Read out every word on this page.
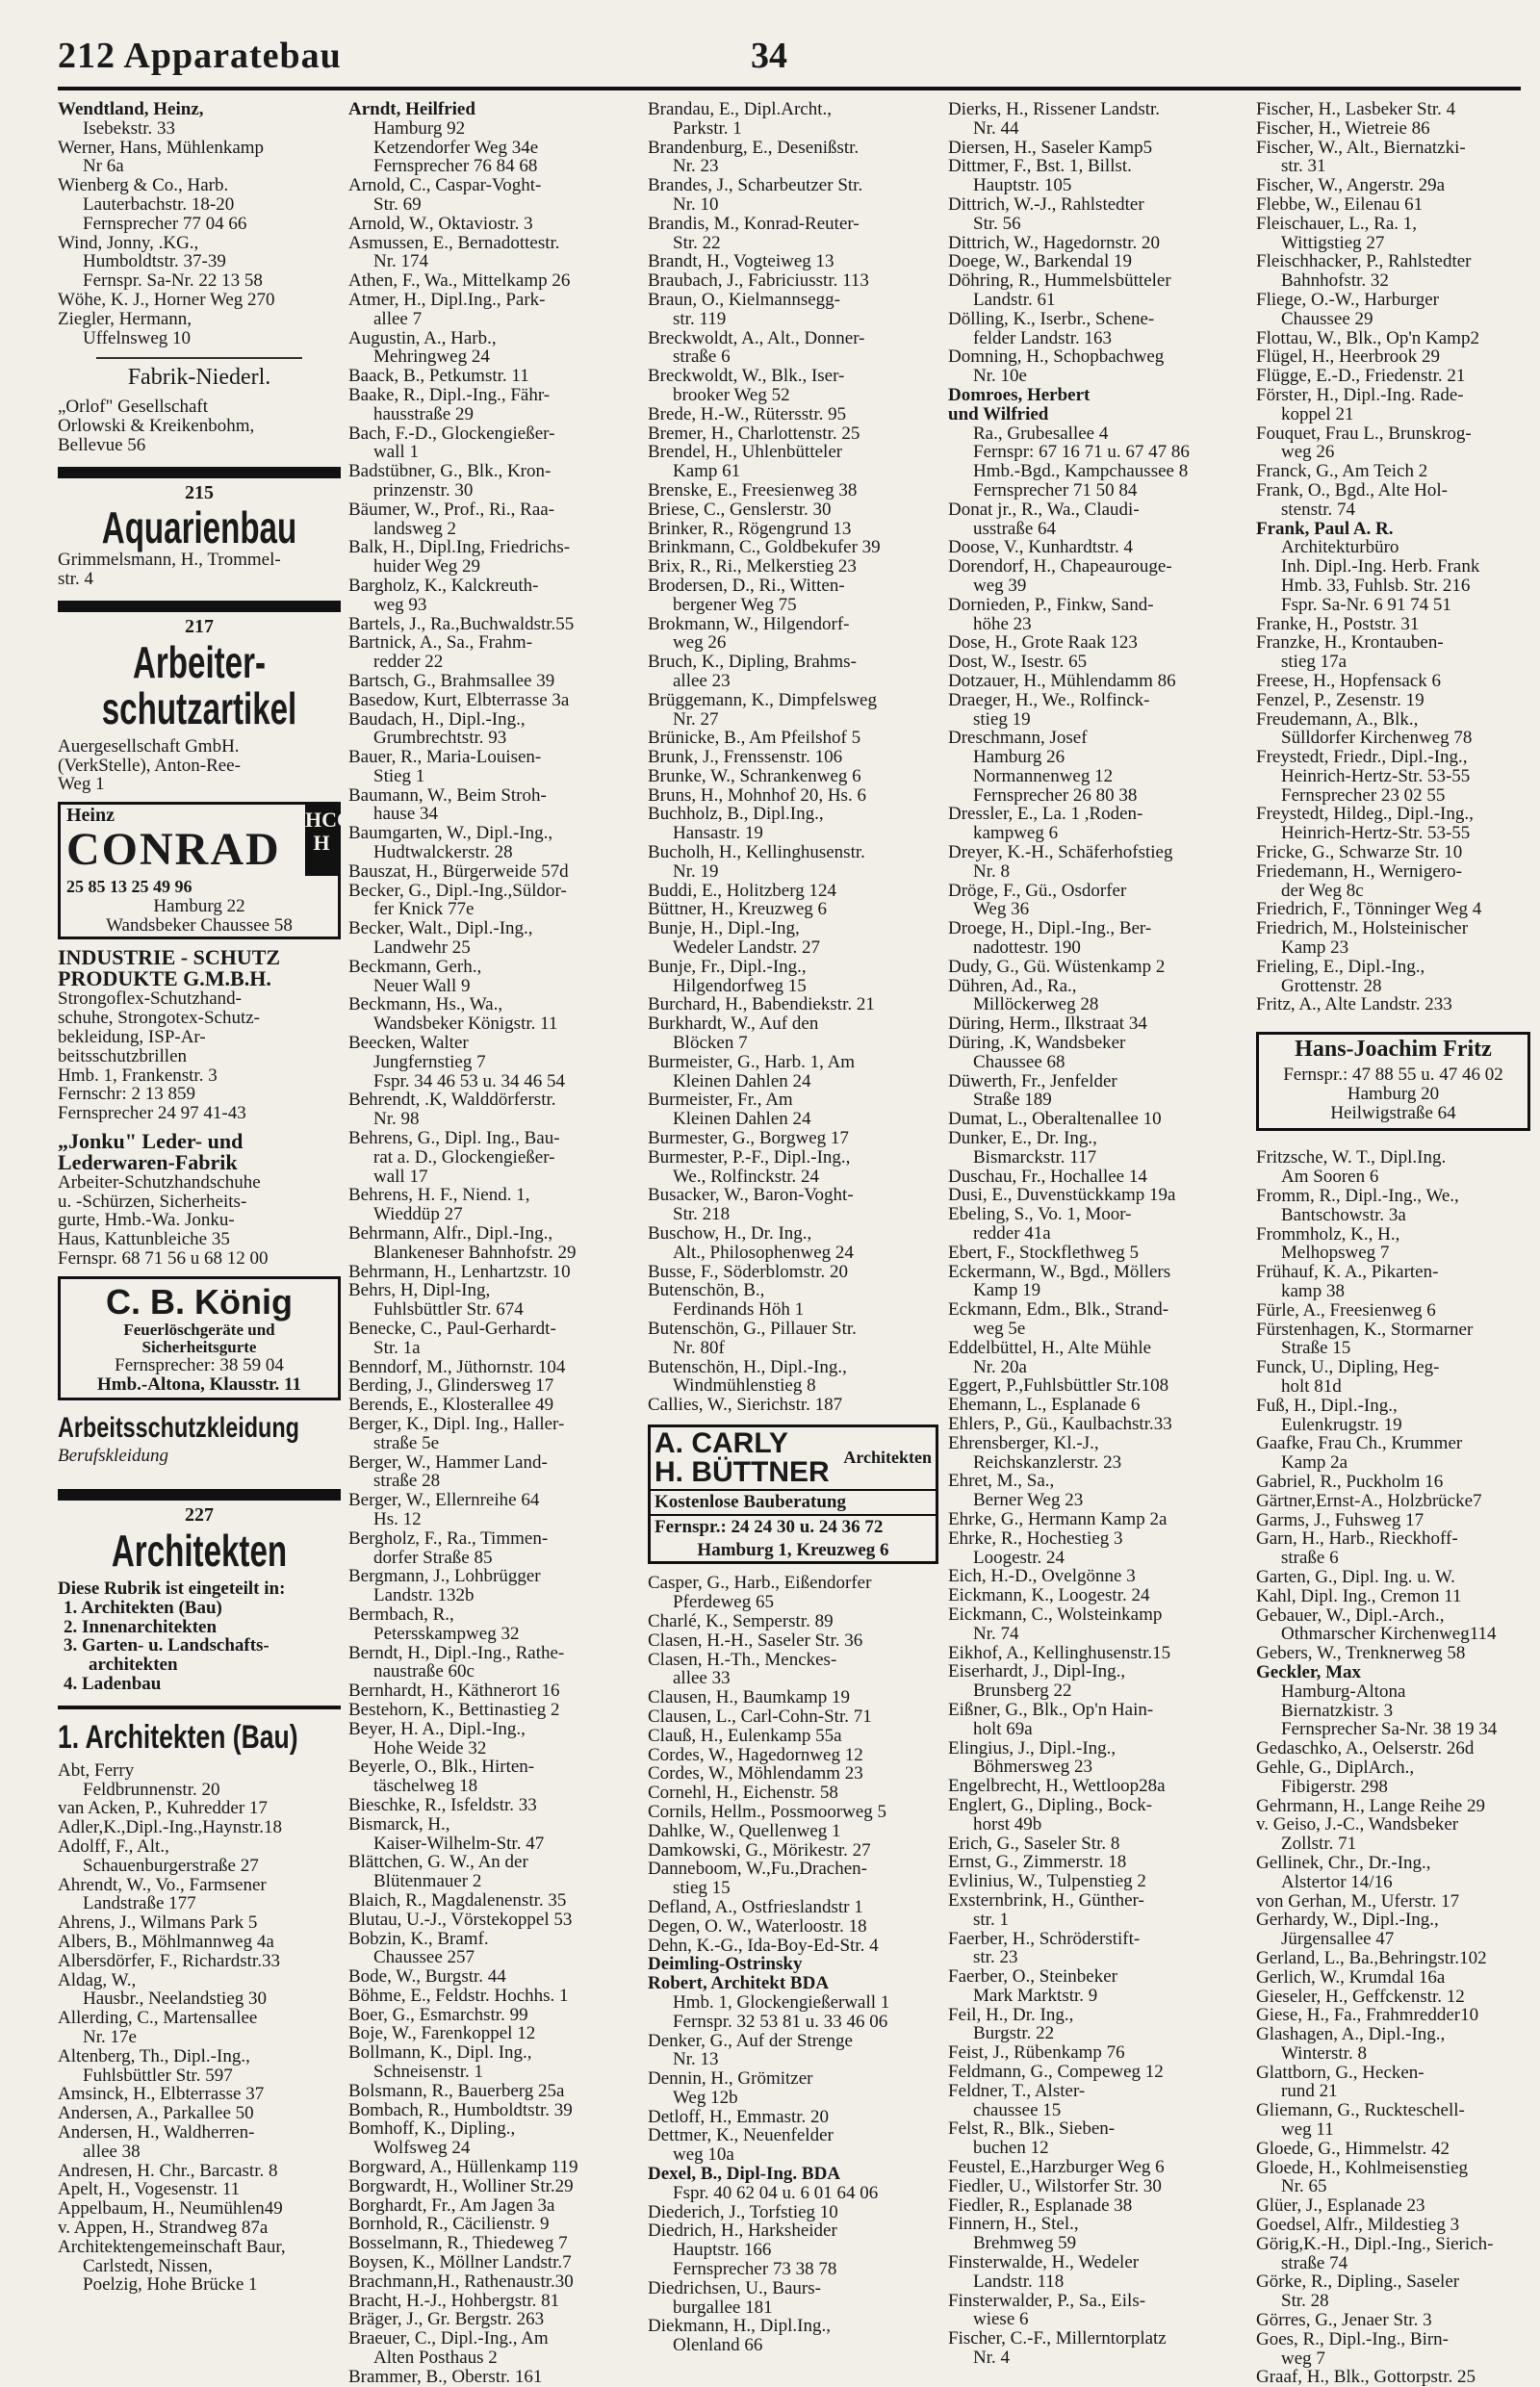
212 Apparatebau	34
Wendtland, Heinz,
Isebekstr. 33
Werner, Hans, Mühlenkamp
Nr 6a
Wienberg & Co., Harb.
Lauterbachstr. 18-20
Fernsprecher 77 04 66
Wind, Jonny, .KG.,
Humboldtstr. 37-39
Fernspr. Sa-Nr. 22 13 58
Wöhe, K. J., Horner Weg 270
Ziegler, Hermann,
Uffelnsweg 10
Fabrik-Niederl.
„Orlof" Gesellschaft
Orlowski & Kreikenbohm,
Bellevue 56
215
Aquarienbau
Grimmelsmann, H., Trommel-
str. 4
217
Arbeiter-
schutzartikel
Auergesellschaft GmbH.
(VerkStelle), Anton-Ree-
Weg 1
Heinz
CONRAD
HCO H
25 85 13 25 49 96
Hamburg 22
Wandsbeker Chaussee 58
INDUSTRIE - SCHUTZ
PRODUKTE G.M.B.H.
Strongoflex-Schutzhand-
schuhe, Strongotex-Schutz-
bekleidung, ISP-Ar-
beitsschutzbrillen
Hmb. 1, Frankenstr. 3
Fernschr: 2 13 859
Fernsprecher 24 97 41-43
„Jonku" Leder- und
Lederwaren-Fabrik
Arbeiter-Schutzhandschuhe
u. -Schürzen, Sicherheits-
gurte, Hmb.-Wa. Jonku-
Haus, Kattunbleiche 35
Fernspr. 68 71 56 u 68 12 00
C. B. König
Feuerlöschgeräte und
Sicherheitsgurte
Fernsprecher: 38 59 04
Hmb.-Altona, Klausstr. 11
Arbeitsschutzkleidung
Berufskleidung
227
Architekten
Diese Rubrik ist eingeteilt in:
1. Architekten (Bau)
2. Innenarchitekten
3. Garten- u. Landschafts-
architekten
4. Ladenbau
1. Architekten (Bau)
Abt, Ferry
Feldbrunnenstr. 20
van Acken, P., Kuhredder 17
Adler,K.,Dipl.-Ing.,Haynstr.18
Adolff, F., Alt.,
Schauenburgerstraße 27
Ahrendt, W., Vo., Farmsener
Landstraße 177
Ahrens, J., Wilmans Park 5
Albers, B., Möhlmannweg 4a
Albersdörfer, F., Richardstr.33
Aldag, W.,
Hausbr., Neelandstieg 30
Allerding, C., Martensallee
Nr. 17e
Altenberg, Th., Dipl.-Ing.,
Fuhlsbüttler Str. 597
Amsinck, H., Elbterrasse 37
Andersen, A., Parkallee 50
Andersen, H., Waldherren-
allee 38
Andresen, H. Chr., Barcastr. 8
Apelt, H., Vogesenstr. 11
Appelbaum, H., Neumühlen49
v. Appen, H., Strandweg 87a
Architektengemeinschaft Baur,
Carlstedt, Nissen,
Poelzig, Hohe Brücke 1
Arndt, Heilfried
Hamburg 92
Ketzendorfer Weg 34e
Fernsprecher 76 84 68
Arnold, C., Caspar-Voght-
Str. 69
Arnold, W., Oktaviostr. 3
Asmussen, E., Bernadottestr.
Nr. 174
Athen, F., Wa., Mittelkamp 26
Atmer, H., Dipl.Ing., Park-
allee 7
Augustin, A., Harb.,
Mehringweg 24
Baack, B., Petkumstr. 11
Baake, R., Dipl.-Ing., Fähr-
hausstraße 29
Bach, F.-D., Glockengießer-
wall 1
Badstübner, G., Blk., Kron-
prinzenstr. 30
Bäumer, W., Prof., Ri., Raa-
landsweg 2
Balk, H., Dipl.Ing, Friedrichs-
huider Weg 29
Bargholz, K., Kalckreuth-
weg 93
Bartels, J., Ra.,Buchwaldstr.55
Bartnick, A., Sa., Frahm-
redder 22
Bartsch, G., Brahmsallee 39
Basedow, Kurt, Elbterrasse 3a
Baudach, H., Dipl.-Ing.,
Grumbrechtstr. 93
Bauer, R., Maria-Louisen-
Stieg 1
Baumann, W., Beim Stroh-
hause 34
Baumgarten, W., Dipl.-Ing.,
Hudtwalckerstr. 28
Bauszat, H., Bürgerweide 57d
Becker, G., Dipl.-Ing.,Süldor-
fer Knick 77e
Becker, Walt., Dipl.-Ing.,
Landwehr 25
Beckmann, Gerh.,
Neuer Wall 9
Beckmann, Hs., Wa.,
Wandsbeker Königstr. 11
Beecken, Walter
Jungfernstieg 7
Fspr. 34 46 53 u. 34 46 54
Behrendt, .K, Walddörferstr.
Nr. 98
Behrens, G., Dipl. Ing., Bau-
rat a. D., Glockengießer-
wall 17
Behrens, H. F., Niend. 1,
Wieddüp 27
Behrmann, Alfr., Dipl.-Ing.,
Blankeneser Bahnhofstr. 29
Behrmann, H., Lenhartzstr. 10
Behrs, H, Dipl-Ing,
Fuhlsbüttler Str. 674
Benecke, C., Paul-Gerhardt-
Str. 1a
Benndorf, M., Jüthornstr. 104
Berding, J., Glindersweg 17
Berends, E., Klosterallee 49
Berger, K., Dipl. Ing., Haller-
straße 5e
Berger, W., Hammer Land-
straße 28
Berger, W., Ellernreihe 64
Hs. 12
Bergholz, F., Ra., Timmen-
dorfer Straße 85
Bergmann, J., Lohbrügger
Landstr. 132b
Bermbach, R.,
Petersskampweg 32
Berndt, H., Dipl.-Ing., Rathe-
naustraße 60c
Bernhardt, H., Käthnerort 16
Bestehorn, K., Bettinastieg 2
Beyer, H. A., Dipl.-Ing.,
Hohe Weide 32
Beyerle, O., Blk., Hirten-
täschelweg 18
Bieschke, R., Isfeldstr. 33
Bismarck, H.,
Kaiser-Wilhelm-Str. 47
Blättchen, G. W., An der
Blütenmauer 2
Blaich, R., Magdalenenstr. 35
Blutau, U.-J., Vörstekoppel 53
Bobzin, K., Bramf.
Chaussee 257
Bode, W., Burgstr. 44
Böhme, E., Feldstr. Hochhs. 1
Boer, G., Esmarchstr. 99
Boje, W., Farenkoppel 12
Bollmann, K., Dipl. Ing.,
Schneisenstr. 1
Bolsmann, R., Bauerberg 25a
Bombach, R., Humboldtstr. 39
Bomhoff, K., Dipling.,
Wolfsweg 24
Borgward, A., Hüllenkamp 119
Borgwardt, H., Wolliner Str.29
Borghardt, Fr., Am Jagen 3a
Bornhold, R., Cäcilienstr. 9
Bosselmann, R., Thiedeweg 7
Boysen, K., Möllner Landstr.7
Brachmann,H., Rathenaustr.30
Bracht, H.-J., Hohbergstr. 81
Bräger, J., Gr. Bergstr. 263
Braeuer, C., Dipl.-Ing., Am
Alten Posthaus 2
Brammer, B., Oberstr. 161
Brandau, E., Dipl.Archt.,
Parkstr. 1
Brandenburg, E., Desenißstr.
Nr. 23
Brandes, J., Scharbeutzer Str.
Nr. 10
Brandis, M., Konrad-Reuter-
Str. 22
Brandt, H., Vogteiweg 13
Braubach, J., Fabriciusstr. 113
Braun, O., Kielmannsegg-
str. 119
Breckwoldt, A., Alt., Donner-
straße 6
Breckwoldt, W., Blk., Iser-
brooker Weg 52
Brede, H.-W., Rütersstr. 95
Bremer, H., Charlottenstr. 25
Brendel, H., Uhlenbütteler
Kamp 61
Brenske, E., Freesienweg 38
Briese, C., Genslerstr. 30
Brinker, R., Rögengrund 13
Brinkmann, C., Goldbekufer 39
Brix, R., Ri., Melkerstieg 23
Brodersen, D., Ri., Witten-
bergener Weg 75
Brokmann, W., Hilgendorf-
weg 26
Bruch, K., Dipling, Brahms-
allee 23
Brüggemann, K., Dimpfelsweg
Nr. 27
Brünicke, B., Am Pfeilshof 5
Brunk, J., Frenssenstr. 106
Brunke, W., Schrankenweg 6
Bruns, H., Mohnhof 20, Hs. 6
Buchholz, B., Dipl.Ing.,
Hansastr. 19
Bucholh, H., Kellinghusenstr.
Nr. 19
Buddi, E., Holitzberg 124
Büttner, H., Kreuzweg 6
Bunje, H., Dipl.-Ing,
Wedeler Landstr. 27
Bunje, Fr., Dipl.-Ing.,
Hilgendorfweg 15
Burchard, H., Babendiekstr. 21
Burkhardt, W., Auf den
Blöcken 7
Burmeister, G., Harb. 1, Am
Kleinen Dahlen 24
Burmeister, Fr., Am
Kleinen Dahlen 24
Burmester, G., Borgweg 17
Burmester, P.-F., Dipl.-Ing.,
We., Rolfinckstr. 24
Busacker, W., Baron-Voght-
Str. 218
Buschow, H., Dr. Ing.,
Alt., Philosophenweg 24
Busse, F., Söderblomstr. 20
Butenschön, B.,
Ferdinands Höh 1
Butenschön, G., Pillauer Str.
Nr. 80f
Butenschön, H., Dipl.-Ing.,
Windmühlenstieg 8
Callies, W., Sierichstr. 187
A. CARLY
H. BÜTTNER Architekten
Kostenlose Bauberatung
Fernspr.: 24 24 30 u. 24 36 72
Hamburg 1, Kreuzweg 6
Casper, G., Harb., Eißendorfer
Pferdeweg 65
Charlé, K., Semperstr. 89
Clasen, H.-H., Saseler Str. 36
Clasen, H.-Th., Menckes-
allee 33
Clausen, H., Baumkamp 19
Clausen, L., Carl-Cohn-Str. 71
Clauß, H., Eulenkamp 55a
Cordes, W., Hagedornweg 12
Cordes, W., Möhlendamm 23
Cornehl, H., Eichenstr. 58
Cornils, Hellm., Possmoorweg 5
Dahlke, W., Quellenweg 1
Damkowski, G., Mörikestr. 27
Danneboom, W.,Fu.,Drachen-
stieg 15
Defland, A., Ostfrieslandstr 1
Degen, O. W., Waterloostr. 18
Dehn, K.-G., Ida-Boy-Ed-Str. 4
Deimling-Ostrinsky
Robert, Architekt BDA
Hmb. 1, Glockengießerwall 1
Fernspr. 32 53 81 u. 33 46 06
Denker, G., Auf der Strenge
Nr. 13
Dennin, H., Grömitzer
Weg 12b
Detloff, H., Emmastr. 20
Dettmer, K., Neuenfelder
weg 10a
Dexel, B., Dipl-Ing. BDA
Fspr. 40 62 04 u. 6 01 64 06
Diederich, J., Torfstieg 10
Diedrich, H., Harksheider
Hauptstr. 166
Fernsprecher 73 38 78
Diedrichsen, U., Baurs-
burgallee 181
Diekmann, H., Dipl.Ing.,
Olenland 66
Dierks, H., Rissener Landstr.
Nr. 44
Diersen, H., Saseler Kamp5
Dittmer, F., Bst. 1, Billst.
Hauptstr. 105
Dittrich, W.-J., Rahlstedter
Str. 56
Dittrich, W., Hagedornstr. 20
Doege, W., Barkendal 19
Döhring, R., Hummelsbütteler
Landstr. 61
Dölling, K., Iserbr., Schene-
felder Landstr. 163
Domning, H., Schopbachweg
Nr. 10e
Domroes, Herbert
und Wilfried
Ra., Grubesallee 4
Fernspr: 67 16 71 u. 67 47 86
Hmb.-Bgd., Kampchaussee 8
Fernsprecher 71 50 84
Donat jr., R., Wa., Claudi-
usstraße 64
Doose, V., Kunhardtstr. 4
Dorendorf, H., Chapeaurouge-
weg 39
Dornieden, P., Finkw, Sand-
höhe 23
Dose, H., Grote Raak 123
Dost, W., Isestr. 65
Dotzauer, H., Mühlendamm 86
Draeger, H., We., Rolfinck-
stieg 19
Dreschmann, Josef
Hamburg 26
Normannenweg 12
Fernsprecher 26 80 38
Dressler, E., La. 1 ,Roden-
kampweg 6
Dreyer, K.-H., Schäferhofstieg
Nr. 8
Dröge, F., Gü., Osdorfer
Weg 36
Droege, H., Dipl.-Ing., Ber-
nadottestr. 190
Dudy, G., Gü. Wüstenkamp 2
Dühren, Ad., Ra.,
Millöckerweg 28
Düring, Herm., Ilkstraat 34
Düring, .K, Wandsbeker
Chaussee 68
Düwerth, Fr., Jenfelder
Straße 189
Dumat, L., Oberaltenallee 10
Dunker, E., Dr. Ing.,
Bismarckstr. 117
Duschau, Fr., Hochallee 14
Dusi, E., Duvenstückkamp 19a
Ebeling, S., Vo. 1, Moor-
redder 41a
Ebert, F., Stockflethweg 5
Eckermann, W., Bgd., Möllers
Kamp 19
Eckmann, Edm., Blk., Strand-
weg 5e
Eddelbüttel, H., Alte Mühle
Nr. 20a
Eggert, P.,Fuhlsbüttler Str.108
Ehemann, L., Esplanade 6
Ehlers, P., Gü., Kaulbachstr.33
Ehrensberger, Kl.-J.,
Reichskanzlerstr. 23
Ehret, M., Sa.,
Berner Weg 23
Ehrke, G., Hermann Kamp 2a
Ehrke, R., Hochestieg 3
Loogestr. 24
Eich, H.-D., Ovelgönne 3
Eickmann, K., Loogestr. 24
Eickmann, C., Wolsteinkamp
Nr. 74
Eikhof, A., Kellinghusenstr.15
Eiserhardt, J., Dipl-Ing.,
Brunsberg 22
Eißner, G., Blk., Op'n Hain-
holt 69a
Elingius, J., Dipl.-Ing.,
Böhmersweg 23
Engelbrecht, H., Wettloop28a
Englert, G., Dipling., Bock-
horst 49b
Erich, G., Saseler Str. 8
Ernst, G., Zimmerstr. 18
Evlinius, W., Tulpenstieg 2
Exsternbrink, H., Günther-
str. 1
Faerber, H., Schröderstift-
str. 23
Faerber, O., Steinbeker
Mark Marktstr. 9
Feil, H., Dr. Ing.,
Burgstr. 22
Feist, J., Rübenkamp 76
Feldmann, G., Compeweg 12
Feldner, T., Alster-
chaussee 15
Felst, R., Blk., Sieben-
buchen 12
Feustel, E.,Harzburger Weg 6
Fiedler, U., Wilstorfer Str. 30
Fiedler, R., Esplanade 38
Finnern, H., Stel.,
Brehmweg 59
Finsterwalde, H., Wedeler
Landstr. 118
Finsterwalder, P., Sa., Eils-
wiese 6
Fischer, C.-F., Millerntorplatz
Nr. 4
Fischer, H., Lasbeker Str. 4
Fischer, H., Wietreie 86
Fischer, W., Alt., Biernatzki-
str. 31
Fischer, W., Angerstr. 29a
Flebbe, W., Eilenau 61
Fleischauer, L., Ra. 1,
Wittigstieg 27
Fleischhacker, P., Rahlstedter
Bahnhofstr. 32
Fliege, O.-W., Harburger
Chaussee 29
Flottau, W., Blk., Op'n Kamp2
Flügel, H., Heerbrook 29
Flügge, E.-D., Friedenstr. 21
Förster, H., Dipl.-Ing. Rade-
koppel 21
Fouquet, Frau L., Brunskrog-
weg 26
Franck, G., Am Teich 2
Frank, O., Bgd., Alte Hol-
stenstr. 74
Frank, Paul A. R.
Architekturbüro
Inh. Dipl.-Ing. Herb. Frank
Hmb. 33, Fuhlsb. Str. 216
Fspr. Sa-Nr. 6 91 74 51
Franke, H., Poststr. 31
Franzke, H., Krontauben-
stieg 17a
Freese, H., Hopfensack 6
Fenzel, P., Zesenstr. 19
Freudemann, A., Blk.,
Sülldorfer Kirchenweg 78
Freystedt, Friedr., Dipl.-Ing.,
Heinrich-Hertz-Str. 53-55
Fernsprecher 23 02 55
Freystedt, Hildeg., Dipl.-Ing.,
Heinrich-Hertz-Str. 53-55
Fricke, G., Schwarze Str. 10
Friedemann, H., Wernigero-
der Weg 8c
Friedrich, F., Tönninger Weg 4
Friedrich, M., Holsteinischer
Kamp 23
Frieling, E., Dipl.-Ing.,
Grottenstr. 28
Fritz, A., Alte Landstr. 233
Hans-Joachim Fritz
Fernspr.: 47 88 55 u. 47 46 02
Hamburg 20
Heilwigstraße 64
Fritzsche, W. T., Dipl.Ing.
Am Sooren 6
Fromm, R., Dipl.-Ing., We.,
Bantschowstr. 3a
Frommholz, K., H.,
Melhopsweg 7
Frühauf, K. A., Pikarten-
kamp 38
Fürle, A., Freesienweg 6
Fürstenhagen, K., Stormarner
Straße 15
Funck, U., Dipling, Heg-
holt 81d
Fuß, H., Dipl.-Ing.,
Eulenkrugstr. 19
Gaafke, Frau Ch., Krummer
Kamp 2a
Gabriel, R., Puckholm 16
Gärtner,Ernst-A., Holzbrücke7
Garms, J., Fuhsweg 17
Garn, H., Harb., Rieckhoff-
straße 6
Garten, G., Dipl. Ing. u. W.
Kahl, Dipl. Ing., Cremon 11
Gebauer, W., Dipl.-Arch.,
Othmarscher Kirchenweg114
Gebers, W., Trenknerweg 58
Geckler, Max
Hamburg-Altona
Biernatzkistr. 3
Fernsprecher Sa-Nr. 38 19 34
Gedaschko, A., Oelserstr. 26d
Gehle, G., DiplArch.,
Fibigerstr. 298
Gehrmann, H., Lange Reihe 29
v. Geiso, J.-C., Wandsbeker
Zollstr. 71
Gellinek, Chr., Dr.-Ing.,
Alstertor 14/16
von Gerhan, M., Uferstr. 17
Gerhardy, W., Dipl.-Ing.,
Jürgensallee 47
Gerland, L., Ba.,Behringstr.102
Gerlich, W., Krumdal 16a
Gieseler, H., Geffckenstr. 12
Giese, H., Fa., Frahmredder10
Glashagen, A., Dipl.-Ing.,
Winterstr. 8
Glattborn, G., Hecken-
rund 21
Gliemann, G., Ruckteschell-
weg 11
Gloede, G., Himmelstr. 42
Gloede, H., Kohlmeisenstieg
Nr. 65
Glüer, J., Esplanade 23
Goedsel, Alfr., Mildestieg 3
Görig,K.-H., Dipl.-Ing., Sierich-
straße 74
Görke, R., Dipling., Saseler
Str. 28
Görres, G., Jenaer Str. 3
Goes, R., Dipl.-Ing., Birn-
weg 7
Graaf, H., Blk., Gottorpstr. 25
